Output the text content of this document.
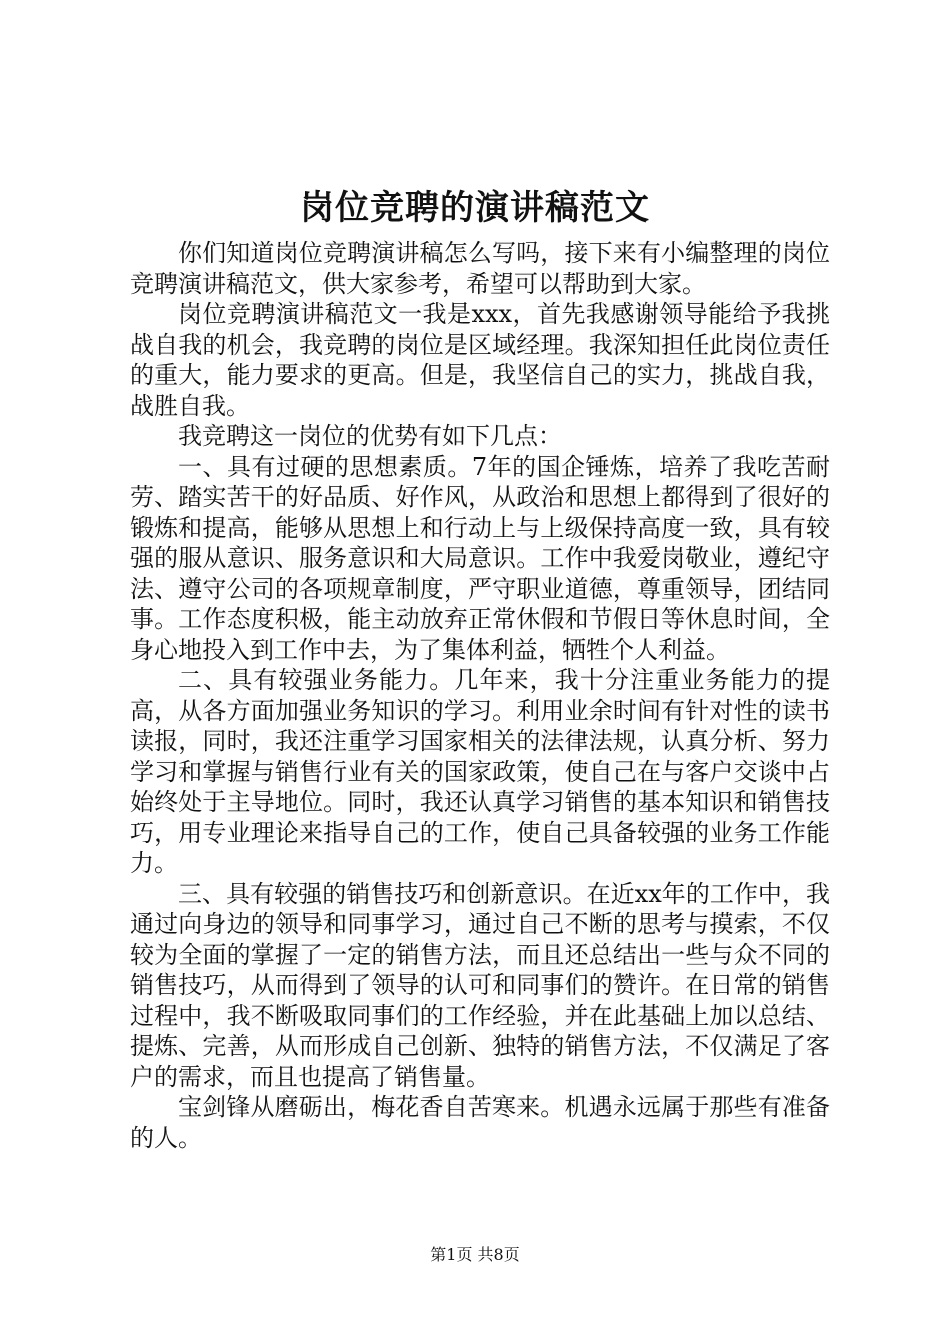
岗位竞聘的演讲稿范文

你们知道岗位竞聘演讲稿怎么写吗，接下来有小编整理的岗位竞聘演讲稿范文，供大家参考，希望可以帮助到大家。

岗位竞聘演讲稿范文一我是xxx，首先我感谢领导能给予我挑战自我的机会，我竞聘的岗位是区域经理。我深知担任此岗位责任的重大，能力要求的更高。但是，我坚信自己的实力，挑战自我，战胜自我。

我竞聘这一岗位的优势有如下几点：

一、具有过硬的思想素质。7年的国企锤炼，培养了我吃苦耐劳、踏实苦干的好品质、好作风，从政治和思想上都得到了很好的锻炼和提高，能够从思想上和行动上与上级保持高度一致，具有较强的服从意识、服务意识和大局意识。工作中我爱岗敬业，遵纪守法、遵守公司的各项规章制度，严守职业道德，尊重领导，团结同事。工作态度积极，能主动放弃正常休假和节假日等休息时间，全身心地投入到工作中去，为了集体利益，牺牲个人利益。

二、具有较强业务能力。几年来，我十分注重业务能力的提高，从各方面加强业务知识的学习。利用业余时间有针对性的读书读报，同时，我还注重学习国家相关的法律法规，认真分析、努力学习和掌握与销售行业有关的国家政策，使自己在与客户交谈中占始终处于主导地位。同时，我还认真学习销售的基本知识和销售技巧，用专业理论来指导自己的工作，使自己具备较强的业务工作能力。

三、具有较强的销售技巧和创新意识。在近xx年的工作中，我通过向身边的领导和同事学习，通过自己不断的思考与摸索，不仅较为全面的掌握了一定的销售方法，而且还总结出一些与众不同的销售技巧，从而得到了领导的认可和同事们的赞许。在日常的销售过程中，我不断吸取同事们的工作经验，并在此基础上加以总结、提炼、完善，从而形成自己创新、独特的销售方法，不仅满足了客户的需求，而且也提高了销售量。

宝剑锋从磨砺出，梅花香自苦寒来。机遇永远属于那些有准备的人。

第1页 共8页
